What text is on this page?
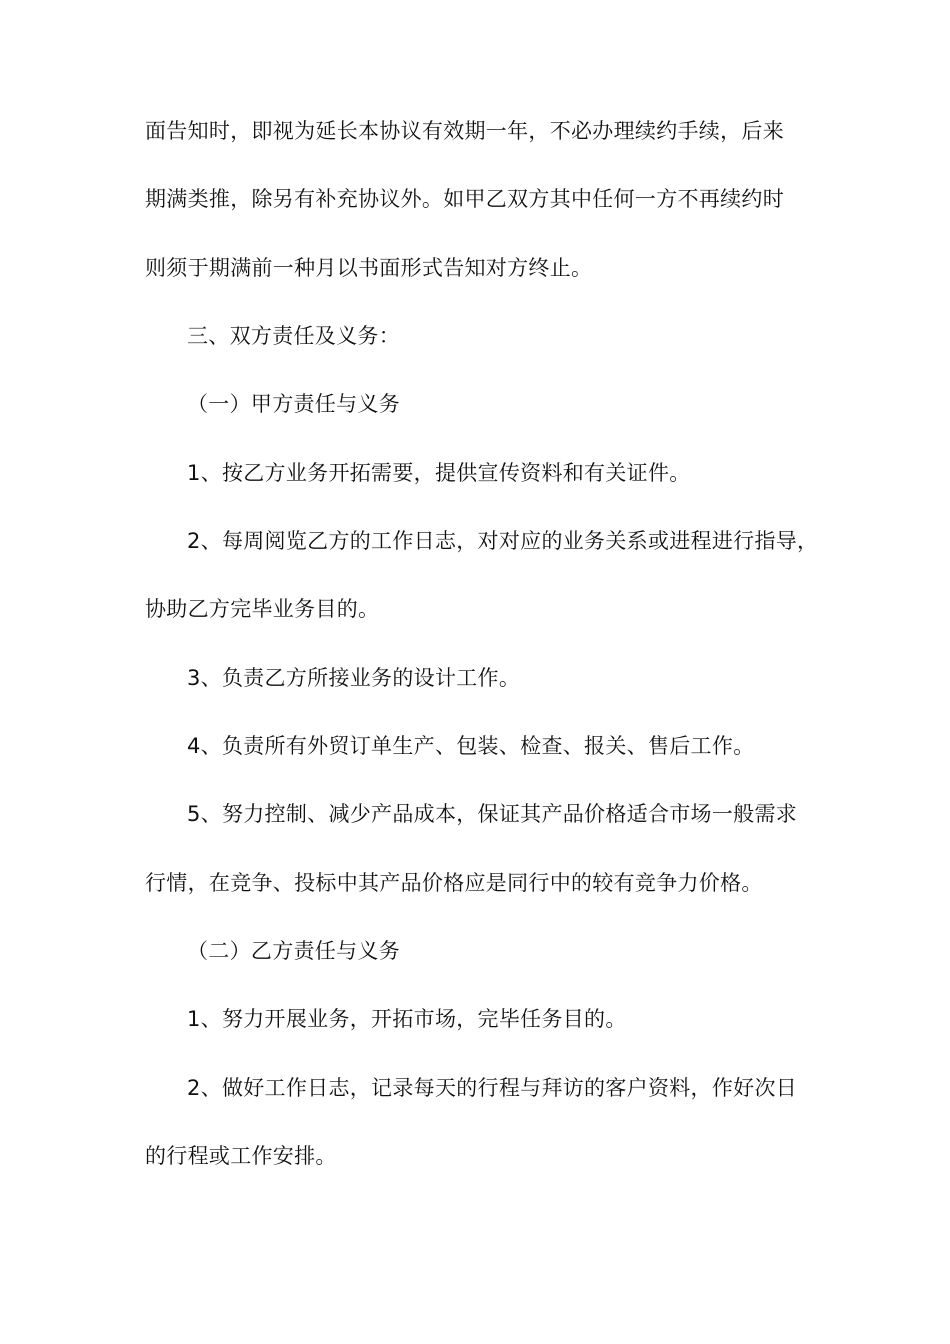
面告知时，即视为延长本协议有效期一年，不必办理续约手续，后来
期满类推，除另有补充协议外。如甲乙双方其中任何一方不再续约时
则须于期满前一种月以书面形式告知对方终止。
三、双方责任及义务：
（一）甲方责任与义务
1、按乙方业务开拓需要，提供宣传资料和有关证件。
2、每周阅览乙方的工作日志，对对应的业务关系或进程进行指导，
协助乙方完毕业务目的。
3、负责乙方所接业务的设计工作。
4、负责所有外贸订单生产、包装、检查、报关、售后工作。
5、努力控制、减少产品成本，保证其产品价格适合市场一般需求
行情，在竞争、投标中其产品价格应是同行中的较有竞争力价格。
（二）乙方责任与义务
1、努力开展业务，开拓市场，完毕任务目的。
2、做好工作日志，记录每天的行程与拜访的客户资料，作好次日
的行程或工作安排。
